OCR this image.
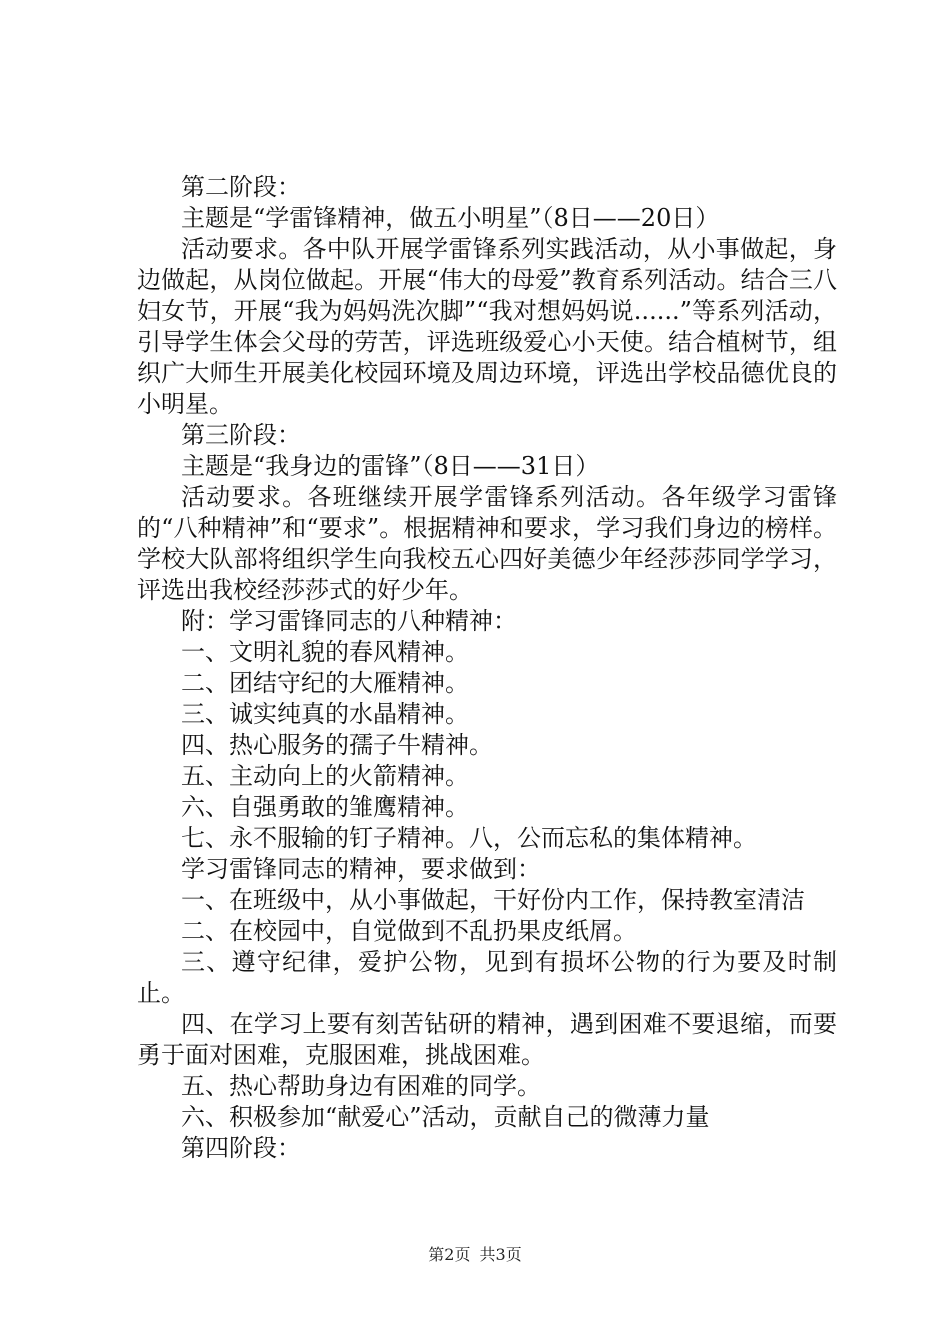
第二阶段：

主题是“学雷锋精神，做五小明星”（8日——20日）

活动要求。各中队开展学雷锋系列实践活动，从小事做起，身边做起，从岗位做起。开展“伟大的母爱”教育系列活动。结合三八妇女节，开展“我为妈妈洗次脚”“我对想妈妈说......”等系列活动，引导学生体会父母的劳苦，评选班级爱心小天使。结合植树节，组织广大师生开展美化校园环境及周边环境，评选出学校品德优良的小明星。

第三阶段：

主题是“我身边的雷锋”（8日——31日）

活动要求。各班继续开展学雷锋系列活动。各年级学习雷锋的“八种精神”和“要求”。根据精神和要求，学习我们身边的榜样。学校大队部将组织学生向我校五心四好美德少年经莎莎同学学习，评选出我校经莎莎式的好少年。

附：学习雷锋同志的八种精神：

一、文明礼貌的春风精神。

二、团结守纪的大雁精神。

三、诚实纯真的水晶精神。

四、热心服务的孺子牛精神。

五、主动向上的火箭精神。

六、自强勇敢的雏鹰精神。

七、永不服输的钉子精神。八，公而忘私的集体精神。

学习雷锋同志的精神，要求做到：

一、在班级中，从小事做起，干好份内工作，保持教室清洁

二、在校园中，自觉做到不乱扔果皮纸屑。

三、遵守纪律，爱护公物，见到有损坏公物的行为要及时制止。

四、在学习上要有刻苦钻研的精神，遇到困难不要退缩，而要勇于面对困难，克服困难，挑战困难。

五、热心帮助身边有困难的同学。

六、积极参加“献爱心”活动，贡献自己的微薄力量

第四阶段：

第2页 共3页
